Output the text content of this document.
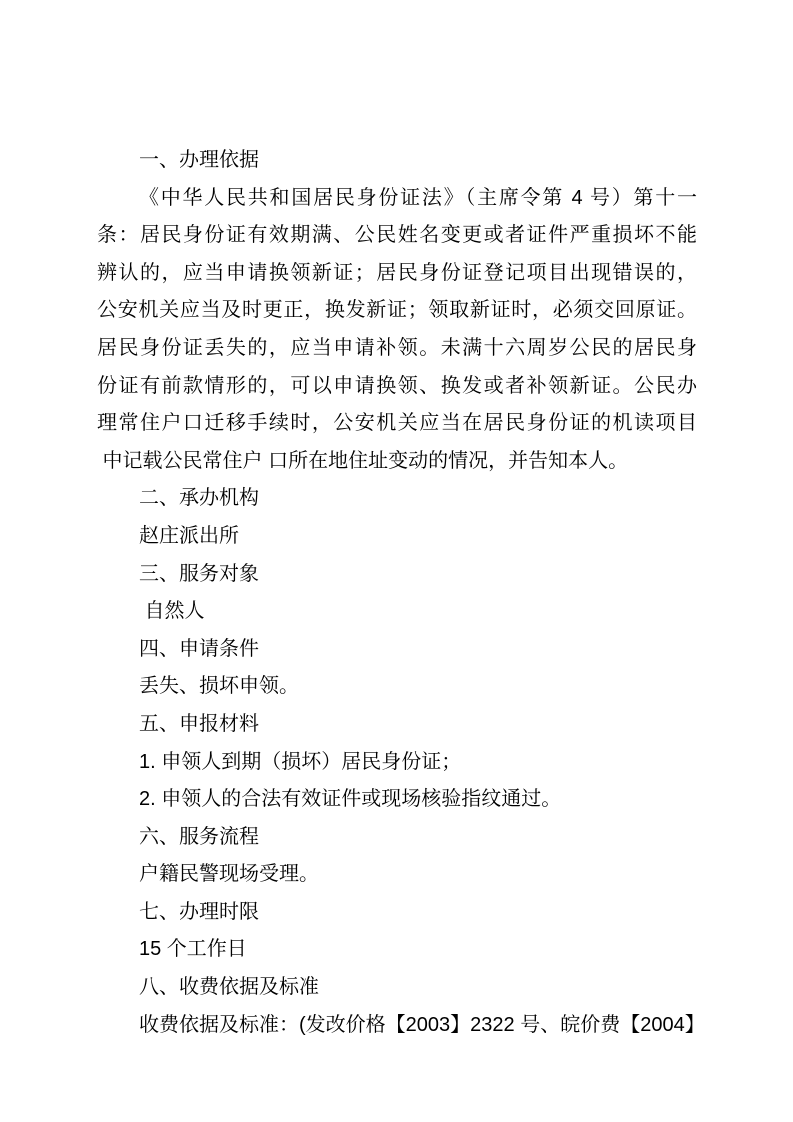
一、办理依据

《中华人民共和国居民身份证法》（主席令第 4 号）第十一

条：居民身份证有效期满、公民姓名变更或者证件严重损坏不能

辨认的，应当申请换领新证；居民身份证登记项目出现错误的，

公安机关应当及时更正，换发新证；领取新证时，必须交回原证。

居民身份证丢失的，应当申请补领。未满十六周岁公民的居民身

份证有前款情形的，可以申请换领、换发或者补领新证。公民办

理常住户口迁移手续时，公安机关应当在居民身份证的机读项目

中记载公民常住户 口所在地住址变动的情况，并告知本人。

二、承办机构

赵庄派出所

三、服务对象

自然人

四、申请条件

丢失、损坏申领。

五、申报材料

1. 申领人到期（损坏）居民身份证；

2. 申领人的合法有效证件或现场核验指纹通过。

六、服务流程

户籍民警现场受理。

七、办理时限

15 个工作日

八、收费依据及标准

收费依据及标准：(发改价格【2003】2322 号、皖价费【2004】
